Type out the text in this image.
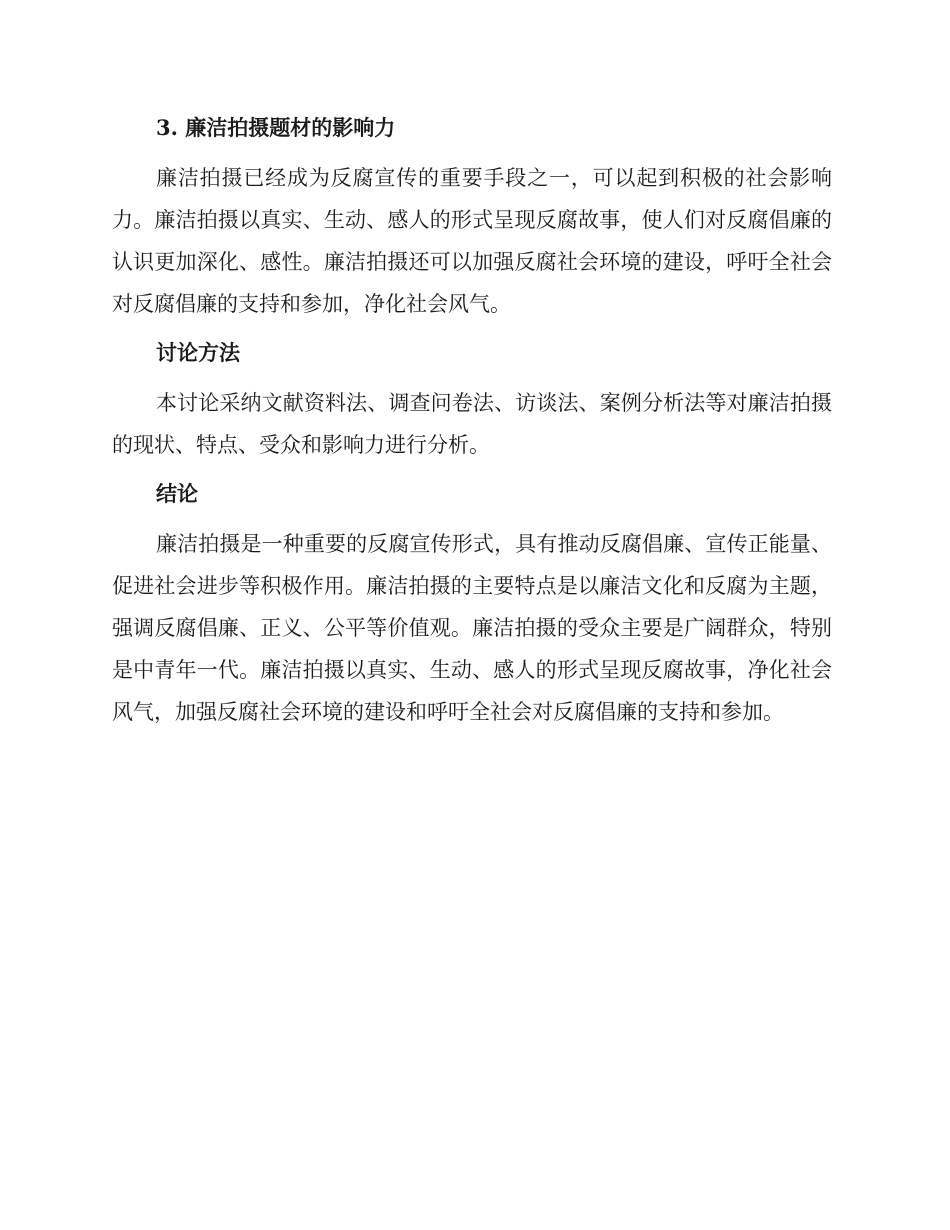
3. 廉洁拍摄题材的影响力

廉洁拍摄已经成为反腐宣传的重要手段之一，可以起到积极的社会影响力。廉洁拍摄以真实、生动、感人的形式呈现反腐故事，使人们对反腐倡廉的认识更加深化、感性。廉洁拍摄还可以加强反腐社会环境的建设，呼吁全社会对反腐倡廉的支持和参加，净化社会风气。

讨论方法

本讨论采纳文献资料法、调查问卷法、访谈法、案例分析法等对廉洁拍摄的现状、特点、受众和影响力进行分析。

结论

廉洁拍摄是一种重要的反腐宣传形式，具有推动反腐倡廉、宣传正能量、促进社会进步等积极作用。廉洁拍摄的主要特点是以廉洁文化和反腐为主题，强调反腐倡廉、正义、公平等价值观。廉洁拍摄的受众主要是广阔群众，特别是中青年一代。廉洁拍摄以真实、生动、感人的形式呈现反腐故事，净化社会风气，加强反腐社会环境的建设和呼吁全社会对反腐倡廉的支持和参加。
